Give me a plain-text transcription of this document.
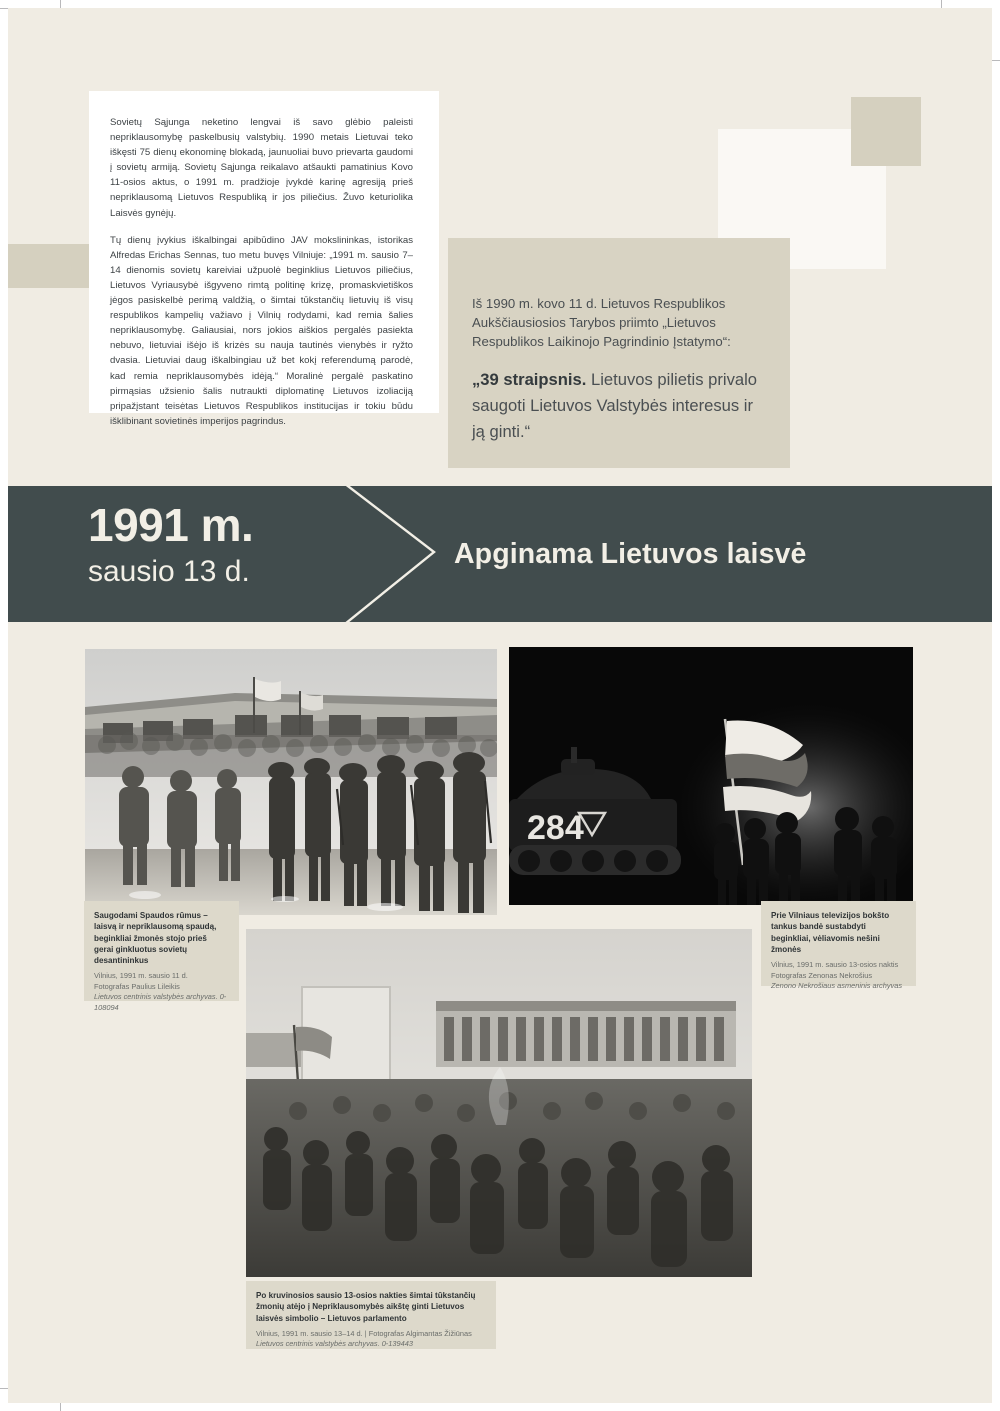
Sovietų Sąjunga neketino lengvai iš savo glėbio paleisti nepriklausomybę paskelbusių valstybių. 1990 metais Lietuvai teko iškęsti 75 dienų ekonominę blokadą, jaunuoliai buvo prievarta gaudomi į sovietų armiją. Sovietų Sąjunga reikalavo atšaukti pamatinius Kovo 11-osios aktus, o 1991 m. pradžioje įvykdė karinę agresiją prieš nepriklausomą Lietuvos Respubliką ir jos piliečius. Žuvo keturiolika Laisvės gynėjų.

Tų dienų įvykius iškalbingai apibūdino JAV mokslininkas, istorikas Alfredas Erichas Sennas, tuo metu buvęs Vilniuje: „1991 m. sausio 7–14 dienomis sovietų kareiviai užpuolė beginklius Lietuvos piliečius, Lietuvos Vyriausybė išgyveno rimtą politinę krizę, promaskvietiškos jėgos pasiskelbė perimą valdžią, o šimtai tūkstančių lietuvių iš visų respublikos kampelių važiavo į Vilnių rodydami, kad remia šalies nepriklausomybę. Galiausiai, nors jokios aiškios pergalės pasiekta nebuvo, lietuviai išėjo iš krizės su nauja tautinės vienybės ir ryžto dvasia. Lietuviai daug iškalbingiau už bet kokį referendumą parodė, kad remia nepriklausomybės idėją.“ Moralinė pergalė paskatino pirmąsias užsienio šalis nutraukti diplomatinę Lietuvos izoliaciją pripažįstant teisėtas Lietuvos Respublikos institucijas ir tokiu būdu išklibinant sovietinės imperijos pagrindus.

Iš 1990 m. kovo 11 d. Lietuvos Respublikos Aukščiausiosios Tarybos priimto „Lietuvos Respublikos Laikinojo Pagrindinio Įstatymo“:

„39 straipsnis. Lietuvos pilietis privalo saugoti Lietuvos Valstybės interesus ir ją ginti.“

1991 m.
sausio 13 d.
Apginama Lietuvos laisvė
284

Saugodami Spaudos rūmus – laisvą ir nepriklausomą spaudą, beginkliai žmonės stojo prieš gerai ginkluotus sovietų desantininkus

Vilnius, 1991 m. sausio 11 d.
Fotografas Paulius Lileikis
Lietuvos centrinis valstybės archyvas. 0-108094

Prie Vilniaus televizijos bokšto tankus bandė sustabdyti beginkliai, vėliavomis nešini žmonės

Vilnius, 1991 m. sausio 13-osios naktis
Fotografas Zenonas Nekrošius
Zenono Nekrošiaus asmeninis archyvas

Po kruvinosios sausio 13-osios nakties šimtai tūkstančių žmonių atėjo į Nepriklausomybės aikštę ginti Lietuvos laisvės simbolio – Lietuvos parlamento

Vilnius, 1991 m. sausio 13–14 d. | Fotografas Algimantas Žižiūnas
Lietuvos centrinis valstybės archyvas. 0-139443
